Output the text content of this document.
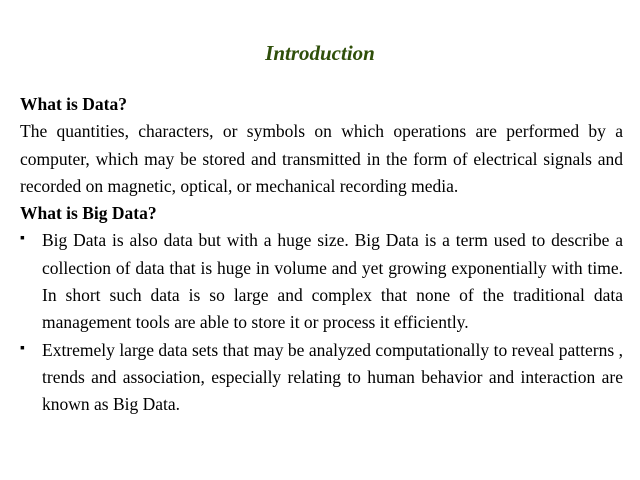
Introduction

What is Data?

The quantities, characters, or symbols on which operations are performed by a computer, which may be stored and transmitted in the form of electrical signals and recorded on magnetic, optical, or mechanical recording media.

What is Big Data?

▪ Big Data is also data but with a huge size. Big Data is a term used to describe a collection of data that is huge in volume and yet growing exponentially with time. In short such data is so large and complex that none of the traditional data management tools are able to store it or process it efficiently.
▪ Extremely large data sets that may be analyzed computationally to reveal patterns , trends and association, especially relating to human behavior and interaction are known as Big Data.
